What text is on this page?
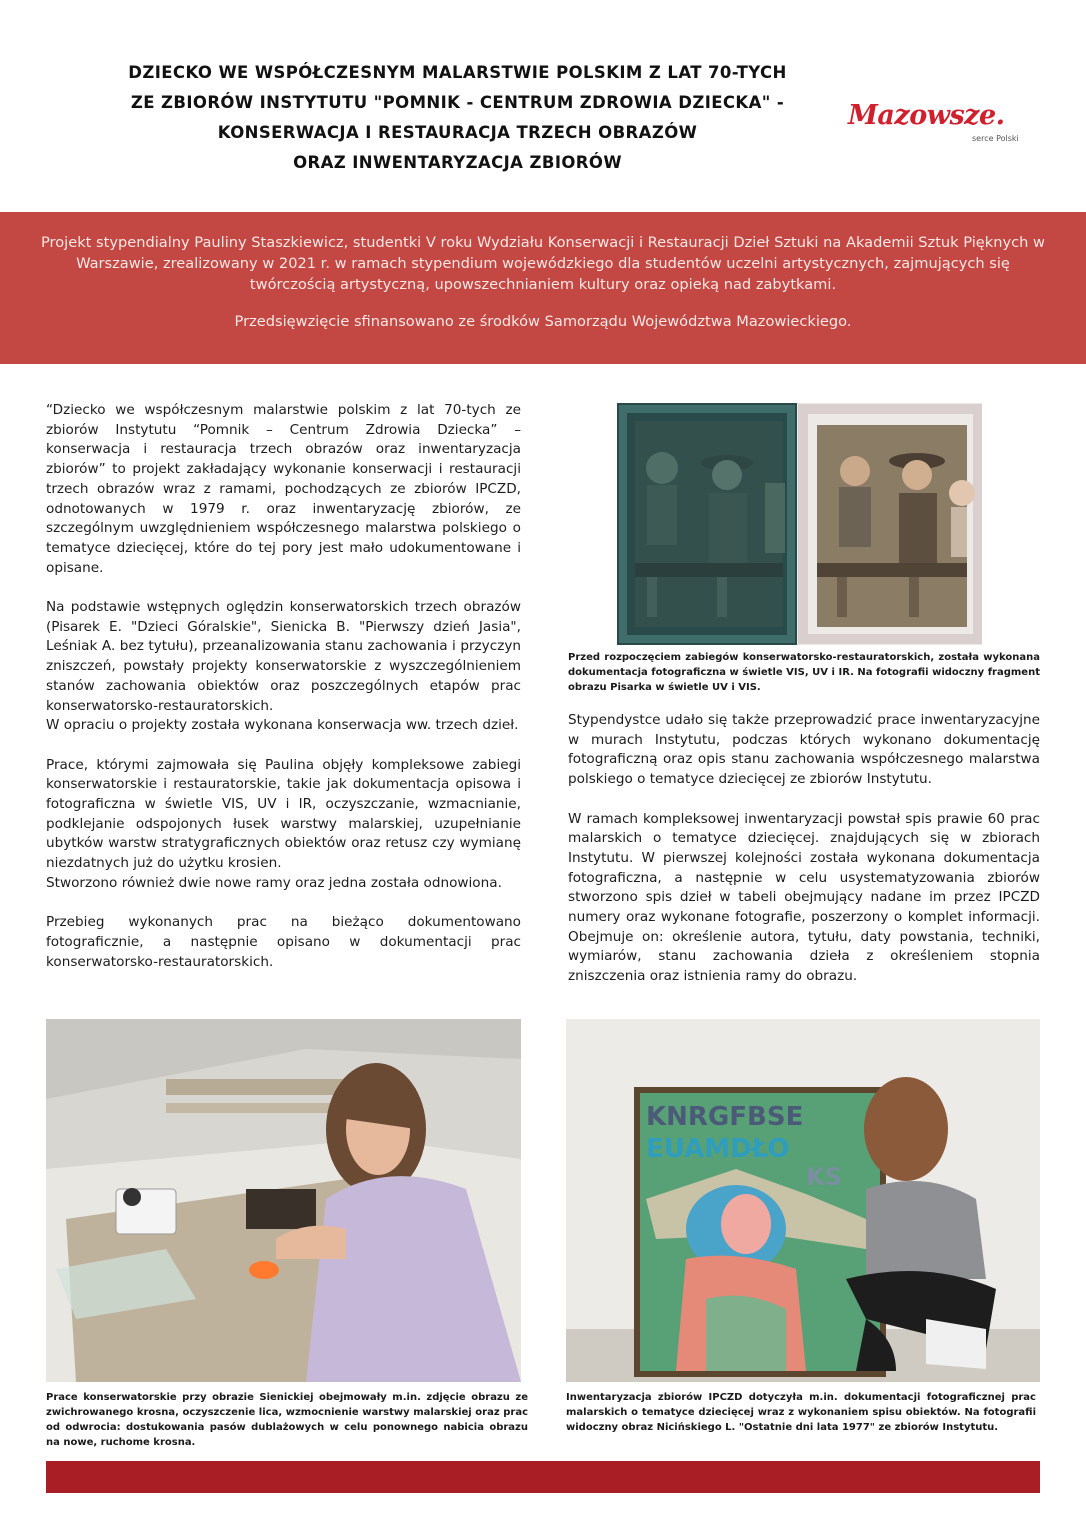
DZIECKO WE WSPÓŁCZESNYM MALARSTWIE POLSKIM Z LAT 70-TYCH
ZE ZBIORÓW INSTYTUTU "POMNIK - CENTRUM ZDROWIA DZIECKA" -
KONSERWACJA I RESTAURACJA TRZECH OBRAZÓW
ORAZ INWENTARYZACJA ZBIORÓW
Mazowsze.
serce Polski

Projekt stypendialny Pauliny Staszkiewicz, studentki V roku Wydziału Konserwacji i Restauracji Dzieł Sztuki na Akademii Sztuk Pięknych w Warszawie, zrealizowany w 2021 r. w ramach stypendium wojewódzkiego dla studentów uczelni artystycznych, zajmujących się twórczością artystyczną, upowszechnianiem kultury oraz opieką nad zabytkami.

Przedsięwzięcie sfinansowano ze środków Samorządu Województwa Mazowieckiego.

“Dziecko we współczesnym malarstwie polskim z lat 70-tych ze zbiorów Instytutu “Pomnik – Centrum Zdrowia Dziecka” – konserwacja i restauracja trzech obrazów oraz inwentaryzacja zbiorów” to projekt zakładający wykonanie konserwacji i restauracji trzech obrazów wraz z ramami, pochodzących ze zbiorów IPCZD, odnotowanych w 1979 r. oraz inwentaryzację zbiorów, ze szczególnym uwzględnieniem współczesnego malarstwa polskiego o tematyce dziecięcej, które do tej pory jest mało udokumentowane i opisane.

Na podstawie wstępnych oględzin konserwatorskich trzech obrazów (Pisarek E. "Dzieci Góralskie", Sienicka B. "Pierwszy dzień Jasia", Leśniak A. bez tytułu), przeanalizowania stanu zachowania i przyczyn zniszczeń, powstały projekty konserwatorskie z wyszczególnieniem stanów zachowania obiektów oraz poszczególnych etapów prac konserwatorsko-restauratorskich.

W opraciu o projekty została wykonana konserwacja ww. trzech dzieł.

Prace, którymi zajmowała się Paulina objęły kompleksowe zabiegi konserwatorskie i restauratorskie, takie jak dokumentacja opisowa i fotograficzna w świetle VIS, UV i IR, oczyszczanie, wzmacnianie, podklejanie odspojonych łusek warstwy malarskiej, uzupełnianie ubytków warstw stratygraficznych obiektów oraz retusz czy wymianę niezdatnych już do użytku krosien.

Stworzono również dwie nowe ramy oraz jedna została odnowiona.

Przebieg wykonanych prac na bieżąco dokumentowano fotograficznie, a następnie opisano w dokumentacji prac konserwatorsko-restauratorskich.

Przed rozpoczęciem zabiegów konserwatorsko-restauratorskich, została wykonana dokumentacja fotograficzna w świetle VIS, UV i IR. Na fotografii widoczny fragment obrazu Pisarka w świetle UV i VIS.

Stypendystce udało się także przeprowadzić prace inwentaryzacyjne w murach Instytutu, podczas których wykonano dokumentację fotograficzną oraz opis stanu zachowania współczesnego malarstwa polskiego o tematyce dziecięcej ze zbiorów Instytutu.

W ramach kompleksowej inwentaryzacji powstał spis prawie 60 prac malarskich o tematyce dziecięcej. znajdujących się w zbiorach Instytutu. W pierwszej kolejności została wykonana dokumentacja fotograficzna, a następnie w celu usystematyzowania zbiorów stworzono spis dzieł w tabeli obejmujący nadane im przez IPCZD numery oraz wykonane fotografie, poszerzony o komplet informacji. Obejmuje on: określenie autora, tytułu, daty powstania, techniki, wymiarów, stanu zachowania dzieła z określeniem stopnia zniszczenia oraz istnienia ramy do obrazu.

Prace konserwatorskie przy obrazie Sienickiej obejmowały m.in. zdjęcie obrazu ze zwichrowanego krosna, oczyszczenie lica, wzmocnienie warstwy malarskiej oraz prac od odwrocia: dostukowania pasów dublażowych w celu ponownego nabicia obrazu na nowe, ruchome krosna.

KNRGFBSE
EUAMDŁO
KS

Inwentaryzacja zbiorów IPCZD dotyczyła m.in. dokumentacji fotograficznej prac malarskich o tematyce dziecięcej wraz z wykonaniem spisu obiektów. Na fotografii widoczny obraz Nicińskiego L. "Ostatnie dni lata 1977" ze zbiorów Instytutu.
